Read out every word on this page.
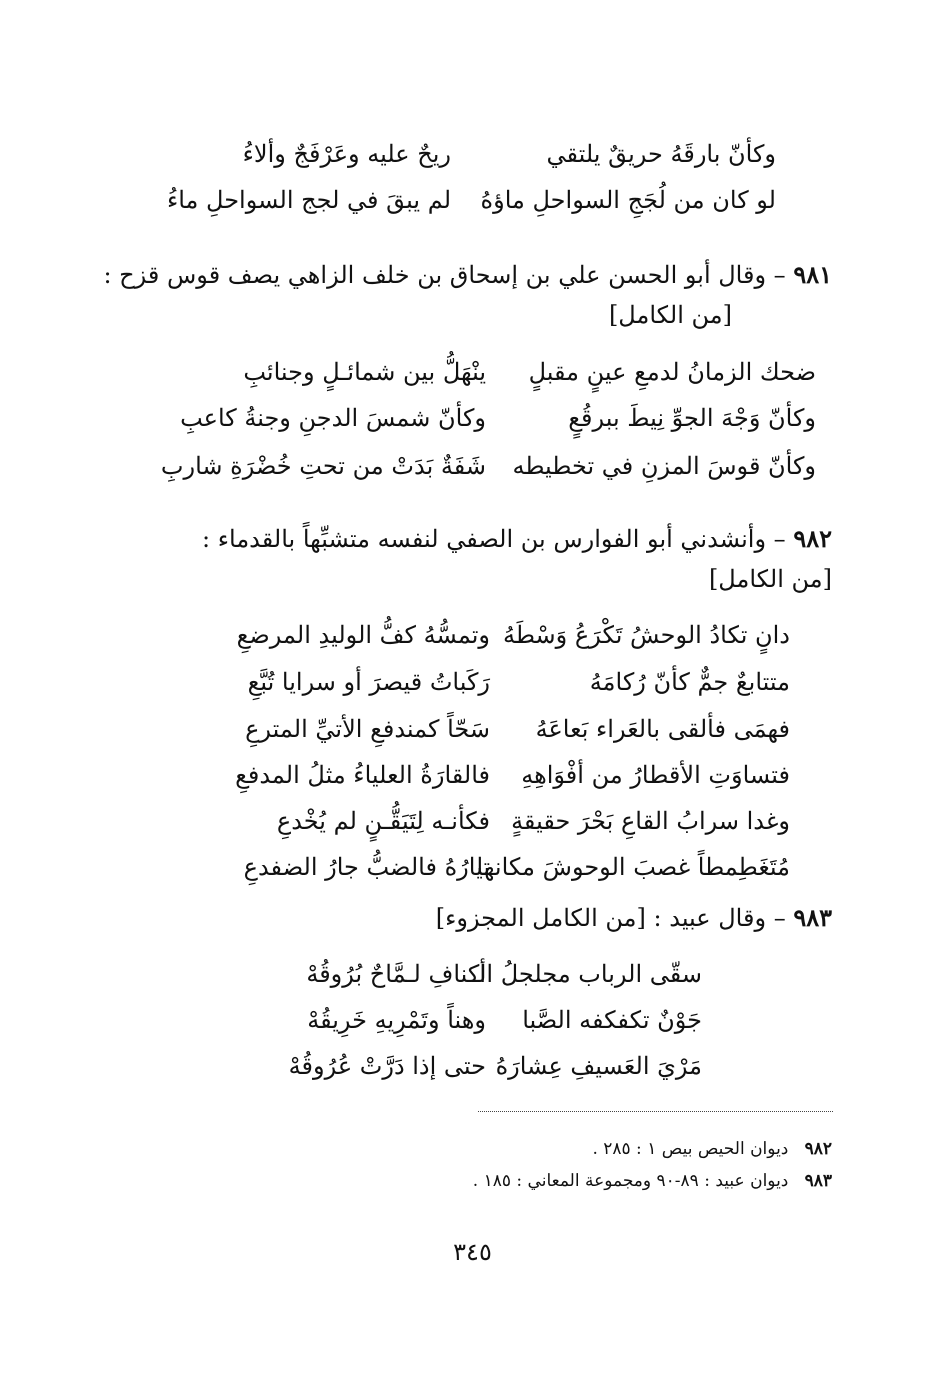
وكأنّ بارقَهُ حريقٌ يلتقي
ريحٌ عليه وعَرْفَجٌ وألاءُ
لو كان من لُجَجِ السواحلِ ماؤهُ
لم يبقَ في لجج السواحلِ ماءُ
٩٨١ – وقال أبو الحسن علي بن إسحاق بن خلف الزاهي يصف قوس قزح :
[من الكامل]
ضحك الزمانُ لدمعِ عينٍ مقبلٍ
ينْهَلُّ بين شمائـلٍ وجنائبِ
وكأنّ وَجْهَ الجوِّ نِيطَ ببرقُعٍ
وكأنّ شمسَ الدجنِ وجنةُ كاعبِ
وكأنّ قوسَ المزنِ في تخطيطه
شَفَةٌ بَدَتْ من تحتِ خُضْرَةِ شاربِ
٩٨٢ – وأنشدني أبو الفوارس بن الصفي لنفسه متشبِّهاً بالقدماء :
[من الكامل]
دانٍ تكادُ الوحشُ تَكْرَعُ وَسْطَهُ
وتمسُّهُ كفُّ الوليدِ المرضعِ
متتابعٌ جمٌّ كأنّ رُكامَهُ
رَكَباتُ قيصرَ أو سرايا تُبَّعِ
فهمَى فألقى بالعَراء بَعاعَهُ
سَحّاً كمندفعِ الأتيِّ المترعِ
فتساوَتِ الأقطارُ من أفْوَاهِهِ
فالقارَةُ العلياءُ مثلُ المدفعِ
وغدا سرابُ القاعِ بَحْرَ حقيقةٍ
فكأنـه لِتَيَقُّـنٍ لم يُخْدعِ
مُتَغَطِمطاً غصبَ الوحوشَ مكانها
تيارُهُ فالضبُّ جارُ الضفدعِ
٩٨٣ – وقال عبيد : [من الكامل المجزوء]
سقّى الرباب مجلجلُ الـ
أكنافِ لـمَّاحٌ بُرُوقُهْ
جَوْنٌ تكفكفه الصَّبا
وهناً وتَمْرِيهِ خَرِيقُهْ
مَرْيَ العَسيفِ عِشارَهُ
حتى إذا دَرَّتْ عُرُوقُهْ
٩٨٢   ديوان الحيص بيص ١ : ٢٨٥ .
٩٨٣   ديوان عبيد : ٨٩-٩٠ ومجموعة المعاني : ١٨٥ .
٣٤٥
